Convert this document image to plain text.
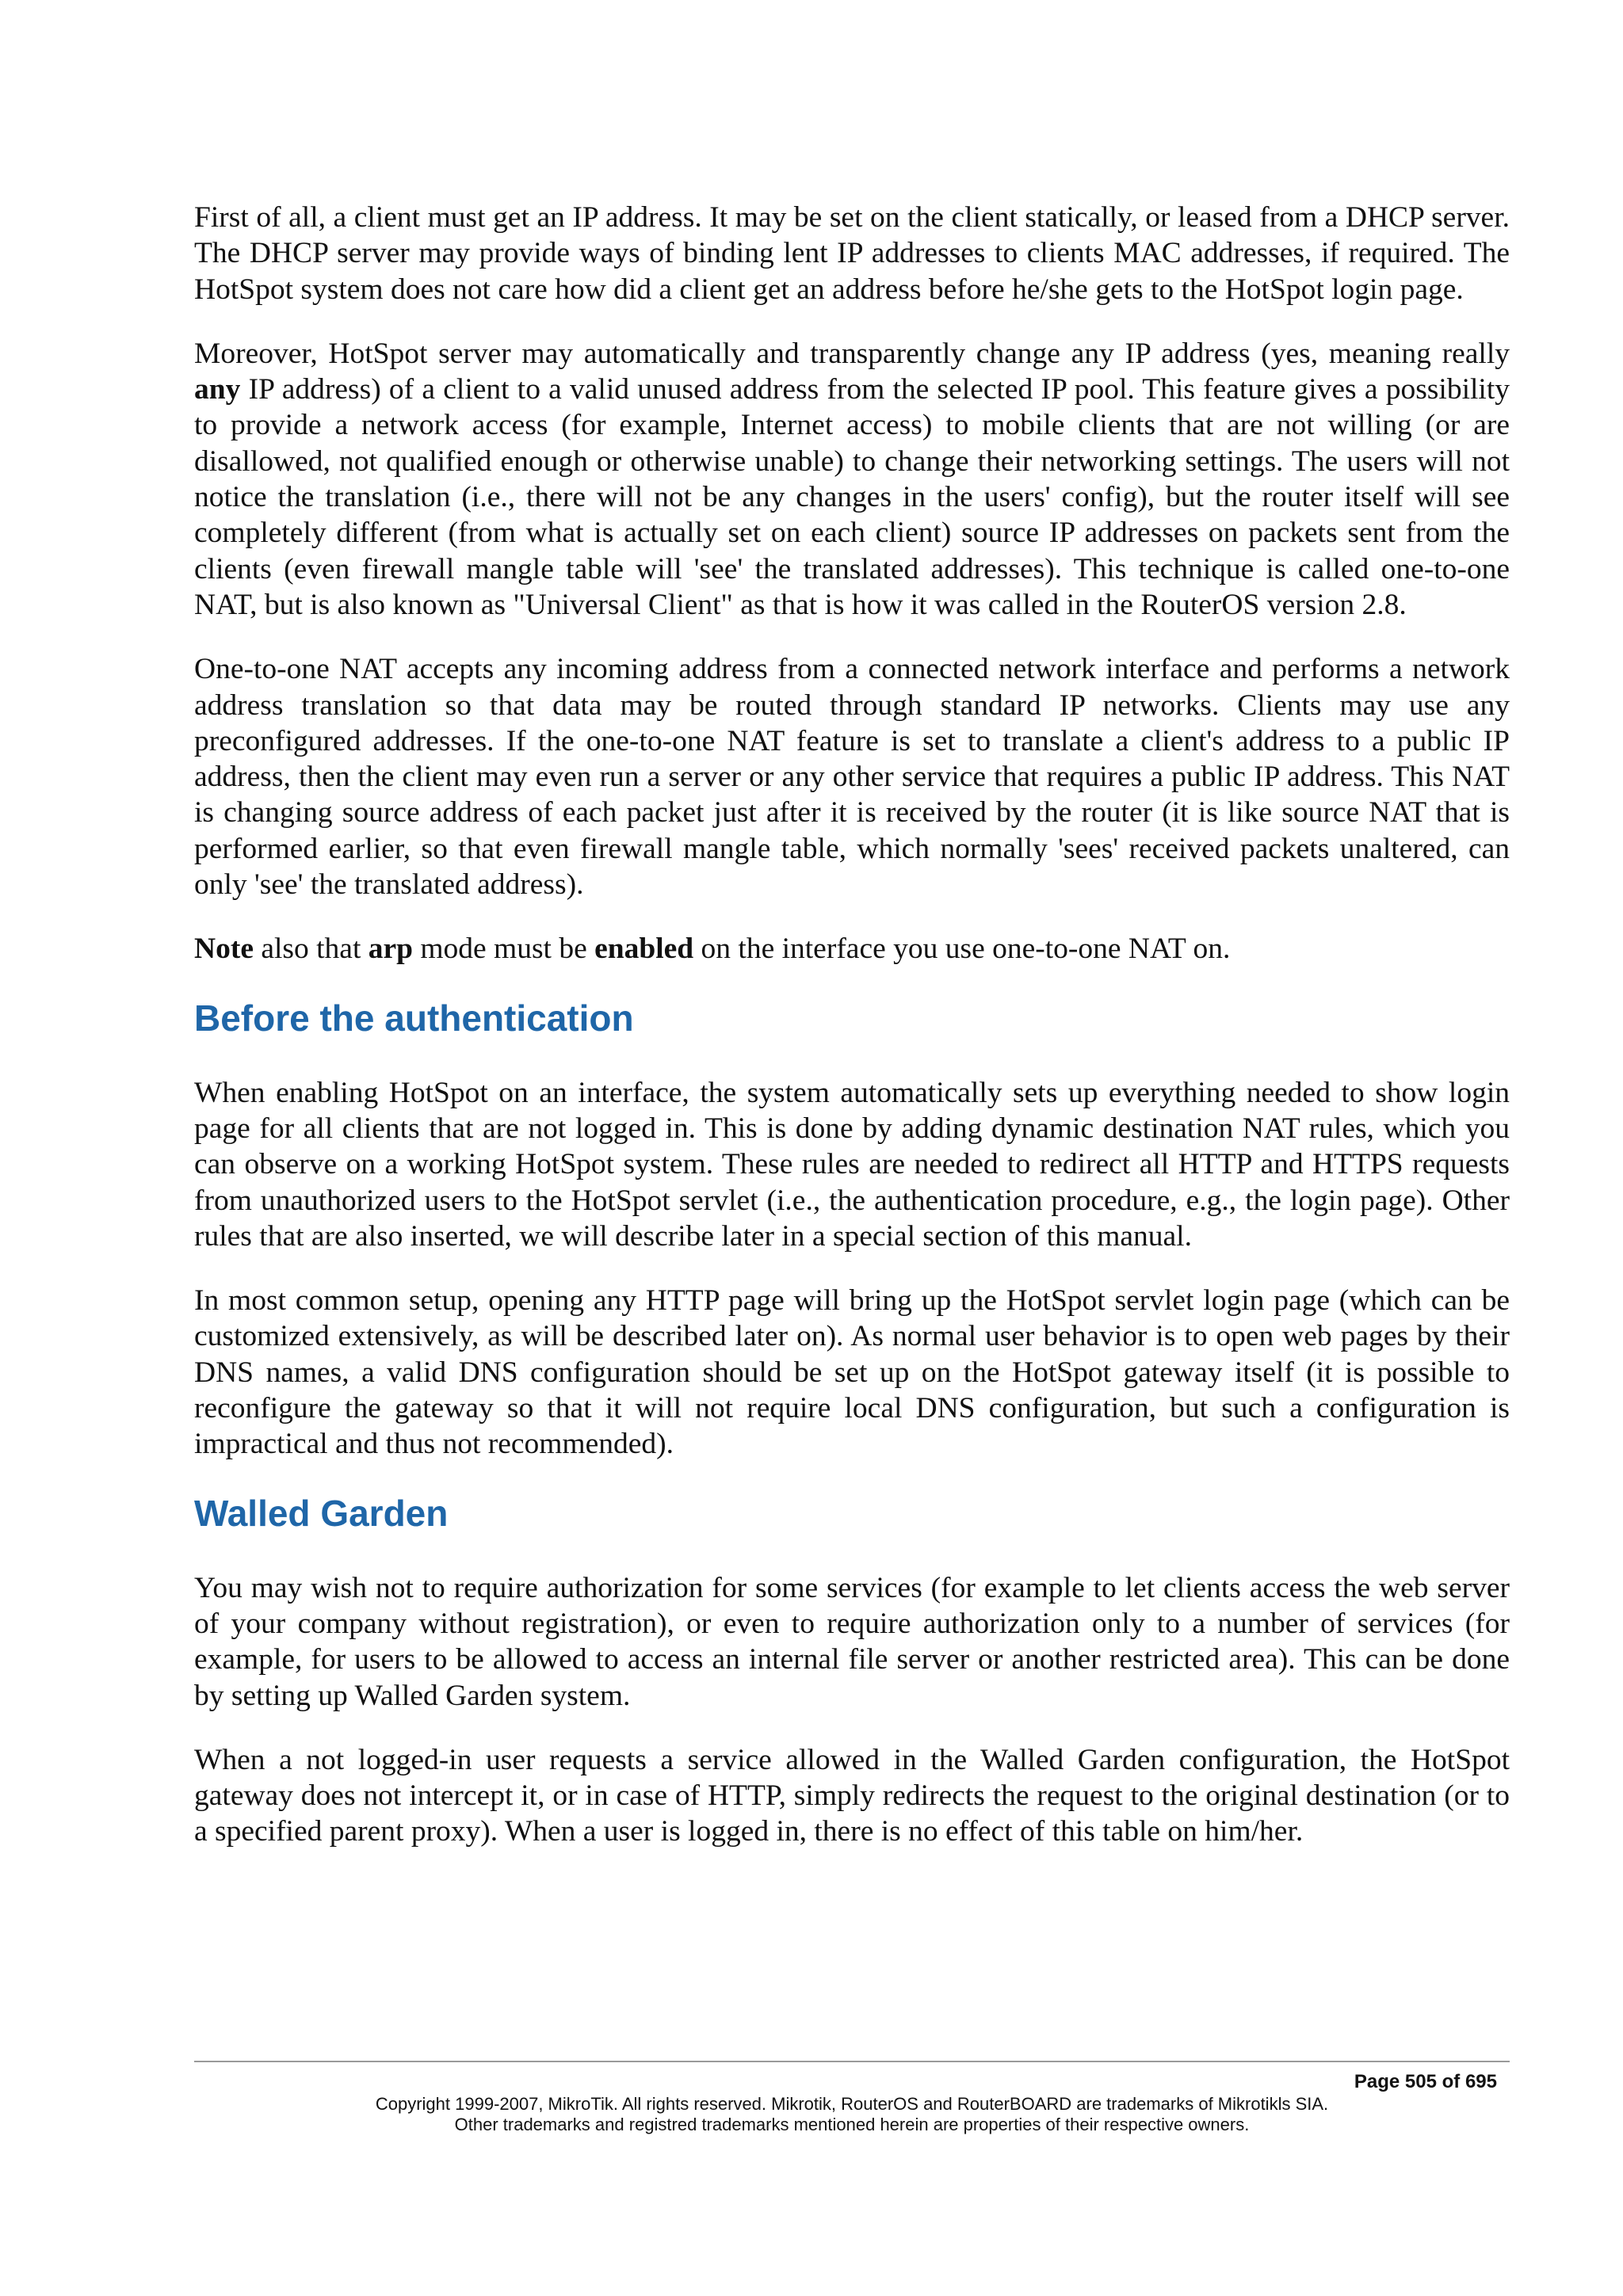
First of all, a client must get an IP address. It may be set on the client statically, or leased from a DHCP server. The DHCP server may provide ways of binding lent IP addresses to clients MAC addresses, if required. The HotSpot system does not care how did a client get an address before he/she gets to the HotSpot login page.

Moreover, HotSpot server may automatically and transparently change any IP address (yes, meaning really any IP address) of a client to a valid unused address from the selected IP pool. This feature gives a possibility to provide a network access (for example, Internet access) to mobile clients that are not willing (or are disallowed, not qualified enough or otherwise unable) to change their networking settings. The users will not notice the translation (i.e., there will not be any changes in the users' config), but the router itself will see completely different (from what is actually set on each client) source IP addresses on packets sent from the clients (even firewall mangle table will 'see' the translated addresses). This technique is called one-to-one NAT, but is also known as "Universal Client" as that is how it was called in the RouterOS version 2.8.

One-to-one NAT accepts any incoming address from a connected network interface and performs a network address translation so that data may be routed through standard IP networks. Clients may use any preconfigured addresses. If the one-to-one NAT feature is set to translate a client's address to a public IP address, then the client may even run a server or any other service that requires a public IP address. This NAT is changing source address of each packet just after it is received by the router (it is like source NAT that is performed earlier, so that even firewall mangle table, which normally 'sees' received packets unaltered, can only 'see' the translated address).

Note also that arp mode must be enabled on the interface you use one-to-one NAT on.

Before the authentication

When enabling HotSpot on an interface, the system automatically sets up everything needed to show login page for all clients that are not logged in. This is done by adding dynamic destination NAT rules, which you can observe on a working HotSpot system. These rules are needed to redirect all HTTP and HTTPS requests from unauthorized users to the HotSpot servlet (i.e., the authentication procedure, e.g., the login page). Other rules that are also inserted, we will describe later in a special section of this manual.

In most common setup, opening any HTTP page will bring up the HotSpot servlet login page (which can be customized extensively, as will be described later on). As normal user behavior is to open web pages by their DNS names, a valid DNS configuration should be set up on the HotSpot gateway itself (it is possible to reconfigure the gateway so that it will not require local DNS configuration, but such a configuration is impractical and thus not recommended).

Walled Garden

You may wish not to require authorization for some services (for example to let clients access the web server of your company without registration), or even to require authorization only to a number of services (for example, for users to be allowed to access an internal file server or another restricted area). This can be done by setting up Walled Garden system.

When a not logged-in user requests a service allowed in the Walled Garden configuration, the HotSpot gateway does not intercept it, or in case of HTTP, simply redirects the request to the original destination (or to a specified parent proxy). When a user is logged in, there is no effect of this table on him/her.

Page 505 of 695
Copyright 1999-2007, MikroTik. All rights reserved. Mikrotik, RouterOS and RouterBOARD are trademarks of Mikrotikls SIA.
Other trademarks and registred trademarks mentioned herein are properties of their respective owners.
